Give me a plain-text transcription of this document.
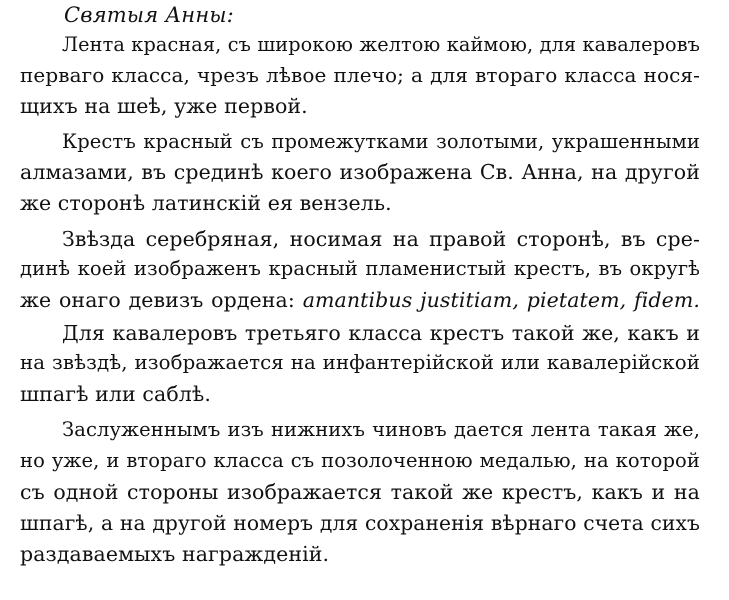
Святыя Анны:
Лента красная, съ широкою желтою каймою, для кавалеровъ
перваго класса, чрезъ лѣвое плечо; а для втораго класса нося-
щихъ на шеѣ, уже первой.
Крестъ красный съ промежутками золотыми, украшенными
алмазами, въ срединѣ коего изображена Св. Анна, на другой
же сторонѣ латинскій ея вензель.
Звѣзда серебряная, носимая на правой сторонѣ, въ сре-
динѣ коей изображенъ красный пламенистый крестъ, въ округѣ
же онаго девизъ ордена: amantibus justitiam, pietatem, fidem.
Для кавалеровъ третьяго класса крестъ такой же, какъ и
на звѣздѣ, изображается на инфантерійской или кавалерійской
шпагѣ или саблѣ.
Заслуженнымъ изъ нижнихъ чиновъ дается лента такая же,
но уже, и втораго класса съ позолоченною медалью, на которой
съ одной стороны изображается такой же крестъ, какъ и на
шпагѣ, а на другой номеръ для сохраненія вѣрнаго счета сихъ
раздаваемыхъ награжденій.
